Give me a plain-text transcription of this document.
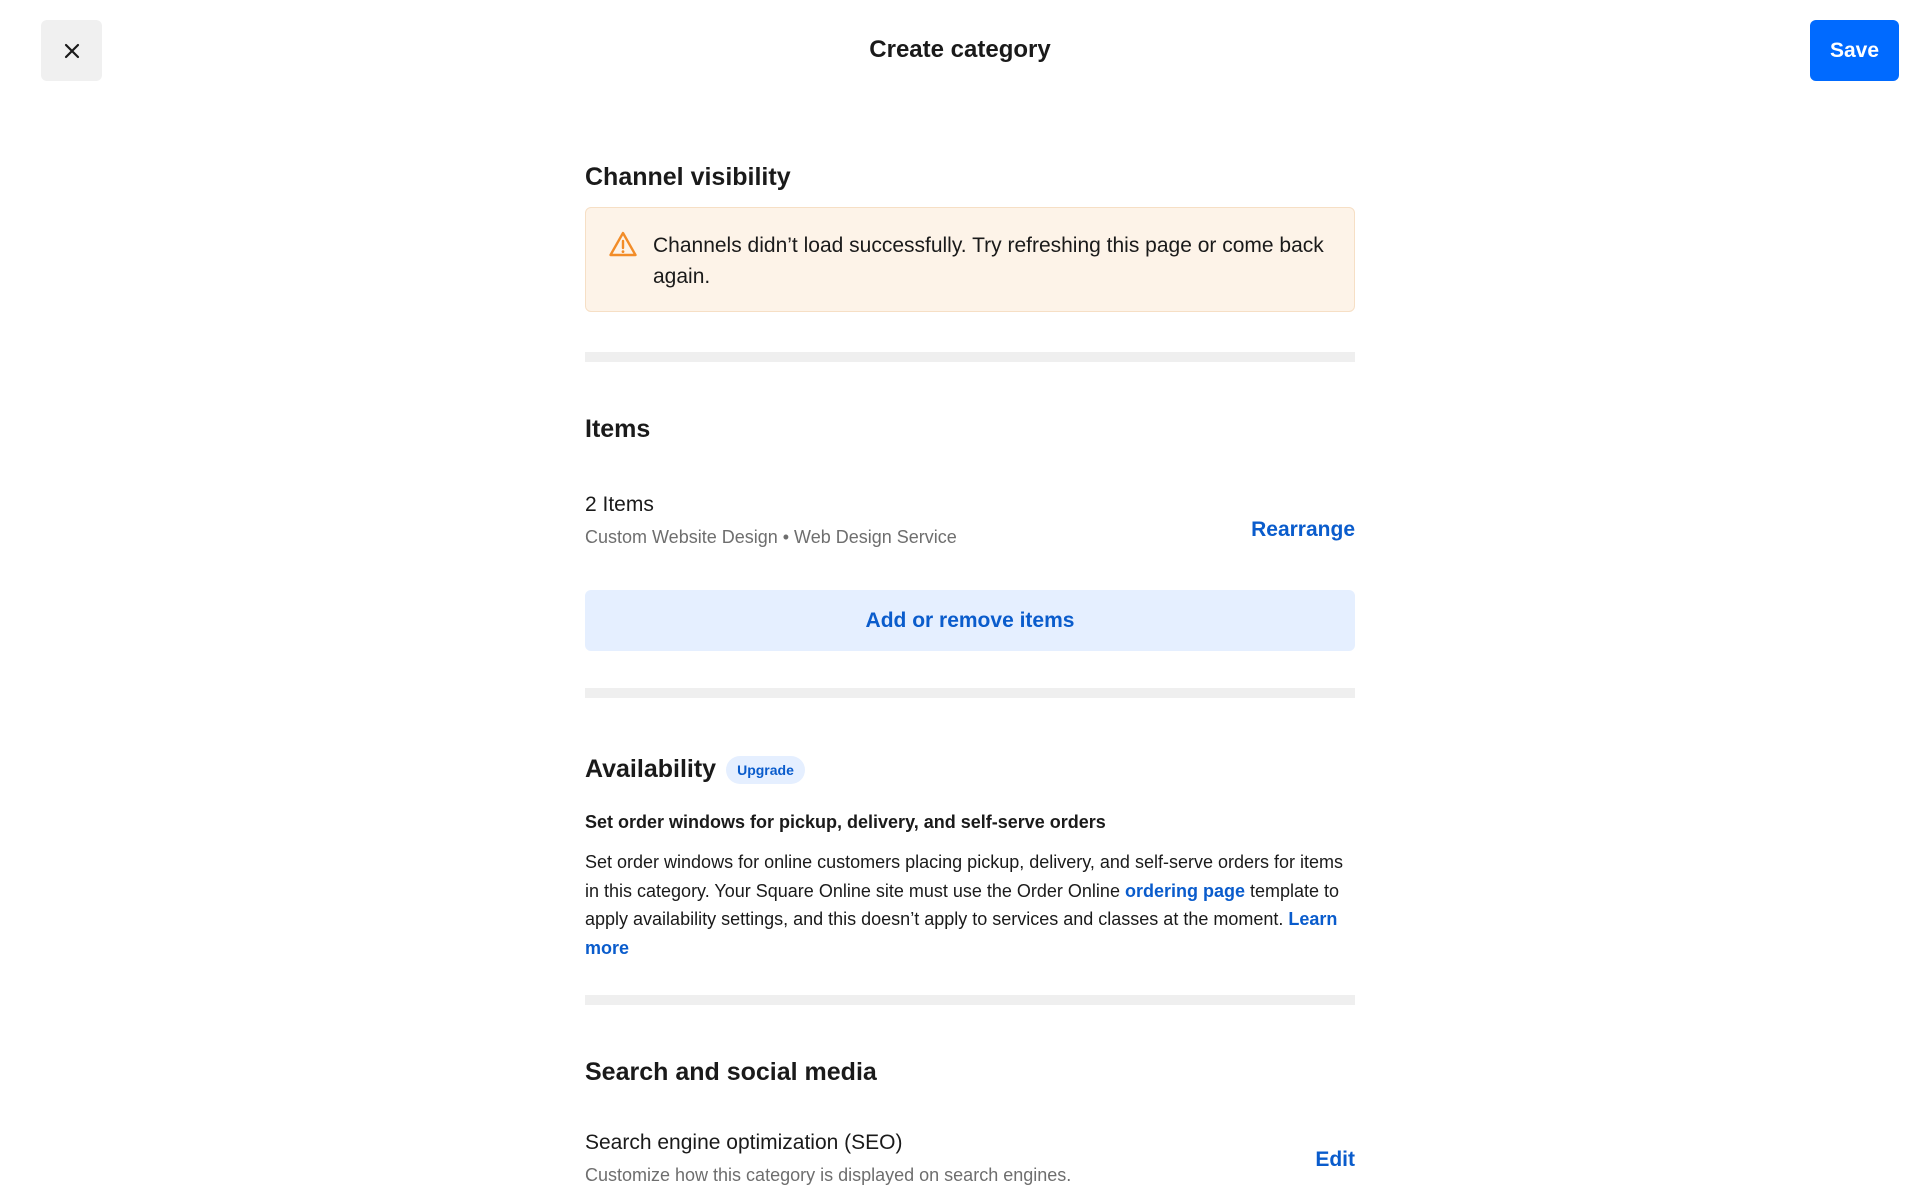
Create category	Save
Channel visibility
Channels didn’t load successfully. Try refreshing this page or come back again.
Items
2 Items
Custom Website Design • Web Design Service	Rearrange
Add or remove items
Availability	Upgrade
Set order windows for pickup, delivery, and self-serve orders
Set order windows for online customers placing pickup, delivery, and self-serve orders for items in this category. Your Square Online site must use the Order Online ordering page template to apply availability settings, and this doesn’t apply to services and classes at the moment. Learn more
Search and social media
Search engine optimization (SEO)
Customize how this category is displayed on search engines.
Edit
